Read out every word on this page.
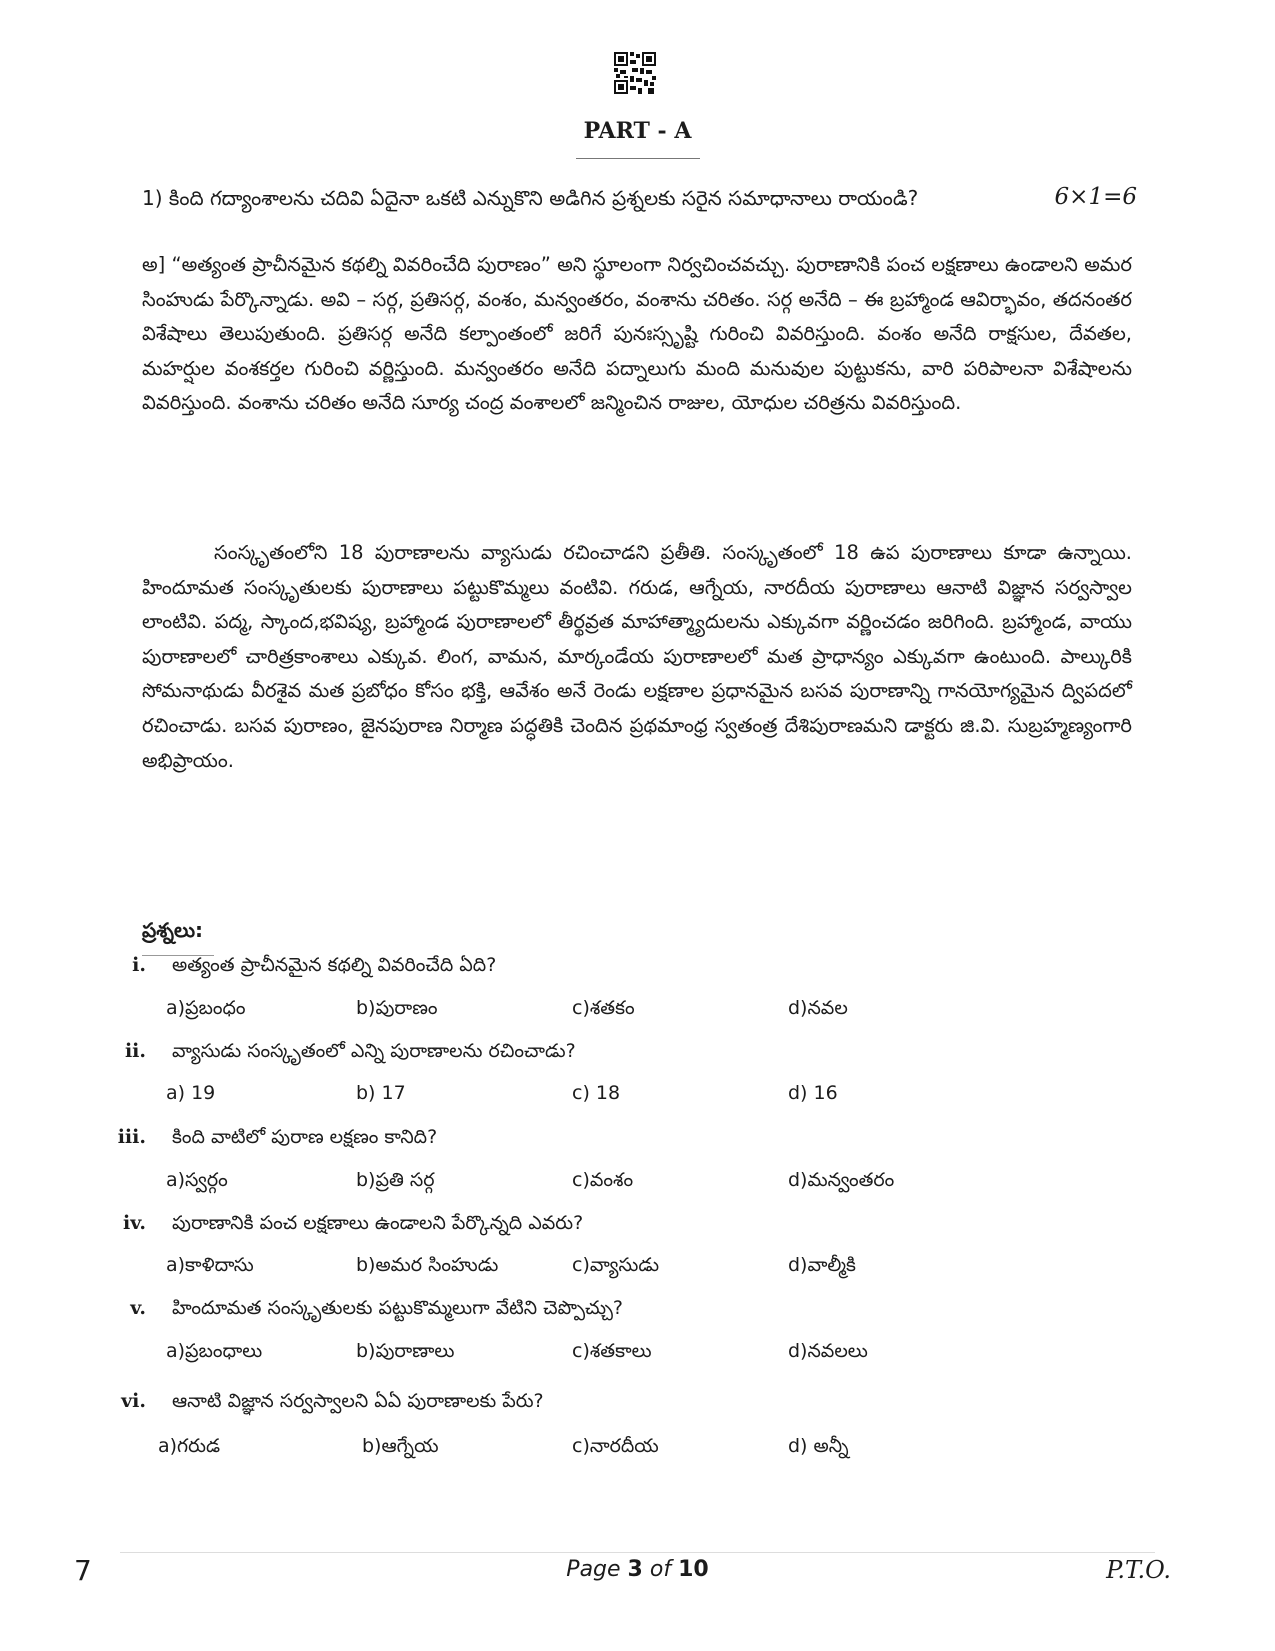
PART - A
1) కింది గద్యాంశాలను చదివి ఏదైనా ఒకటి ఎన్నుకొని అడిగిన ప్రశ్నలకు సరైన సమాధానాలు రాయండి?	6×1=6

అ] “అత్యంత ప్రాచీనమైన కథల్ని వివరించేది పురాణం” అని స్థూలంగా నిర్వచించవచ్చు. పురాణానికి పంచ లక్షణాలు ఉండాలని అమర సింహుడు పేర్కొన్నాడు. అవి – సర్గ, ప్రతిసర్గ, వంశం, మన్వంతరం, వంశాను చరితం. సర్గ అనేది – ఈ బ్రహ్మాండ ఆవిర్భావం, తదనంతర విశేషాలు తెలుపుతుంది. ప్రతిసర్గ అనేది కల్పాంతంలో జరిగే పునఃస్సృష్టి గురించి వివరిస్తుంది. వంశం అనేది రాక్షసుల, దేవతల, మహర్షుల వంశకర్తల గురించి వర్ణిస్తుంది. మన్వంతరం అనేది పద్నాలుగు మంది మనువుల పుట్టుకను, వారి పరిపాలనా విశేషాలను వివరిస్తుంది. వంశాను చరితం అనేది సూర్య చంద్ర వంశాలలో జన్మించిన రాజుల, యోధుల చరిత్రను వివరిస్తుంది.

సంస్కృతంలోని 18 పురాణాలను వ్యాసుడు రచించాడని ప్రతీతి. సంస్కృతంలో 18 ఉప పురాణాలు కూడా ఉన్నాయి. హిందూమత సంస్కృతులకు పురాణాలు పట్టుకొమ్మలు వంటివి. గరుడ, ఆగ్నేయ, నారదీయ పురాణాలు ఆనాటి విజ్ఞాన సర్వస్వాల లాంటివి. పద్మ, స్కాంద,భవిష్య, బ్రహ్మాండ పురాణాలలో తీర్థవ్రత మాహాత్మ్యాదులను ఎక్కువగా వర్ణించడం జరిగింది. బ్రహ్మాండ, వాయు పురాణాలలో చారిత్రకాంశాలు ఎక్కువ. లింగ, వామన, మార్కండేయ పురాణాలలో మత ప్రాధాన్యం ఎక్కువగా ఉంటుంది. పాల్కురికి సోమనాథుడు వీరశైవ మత ప్రబోధం కోసం భక్తి, ఆవేశం అనే రెండు లక్షణాల ప్రధానమైన బసవ పురాణాన్ని గానయోగ్యమైన ద్విపదలో రచించాడు. బసవ పురాణం, జైనపురాణ నిర్మాణ పద్ధతికి చెందిన ప్రథమాంధ్ర స్వతంత్ర దేశిపురాణమని డాక్టరు జి.వి. సుబ్రహ్మణ్యంగారి అభిప్రాయం.

ప్రశ్నలు:
i. అత్యంత ప్రాచీనమైన కథల్ని వివరించేది ఏది?
a)ప్రబంధం	b)పురాణం	c)శతకం	d)నవల
ii. వ్యాసుడు సంస్కృతంలో ఎన్ని పురాణాలను రచించాడు?
a) 19	b) 17	c) 18	d) 16
iii. కింది వాటిలో పురాణ లక్షణం కానిది?
a)స్వర్గం	b)ప్రతి సర్గ	c)వంశం	d)మన్వంతరం
iv. పురాణానికి పంచ లక్షణాలు ఉండాలని పేర్కొన్నది ఎవరు?
a)కాళిదాసు	b)అమర సింహుడు	c)వ్యాసుడు	d)వాల్మీకి
v. హిందూమత సంస్కృతులకు పట్టుకొమ్మలుగా వేటిని చెప్పొచ్చు?
a)ప్రబంధాలు	b)పురాణాలు	c)శతకాలు	d)నవలలు
vi. ఆనాటి విజ్ఞాన సర్వస్వాలని ఏఏ పురాణాలకు పేరు?
a)గరుడ	b)ఆగ్నేయ	c)నారదీయ	d) అన్నీ
7	Page 3 of 10	P.T.O.
